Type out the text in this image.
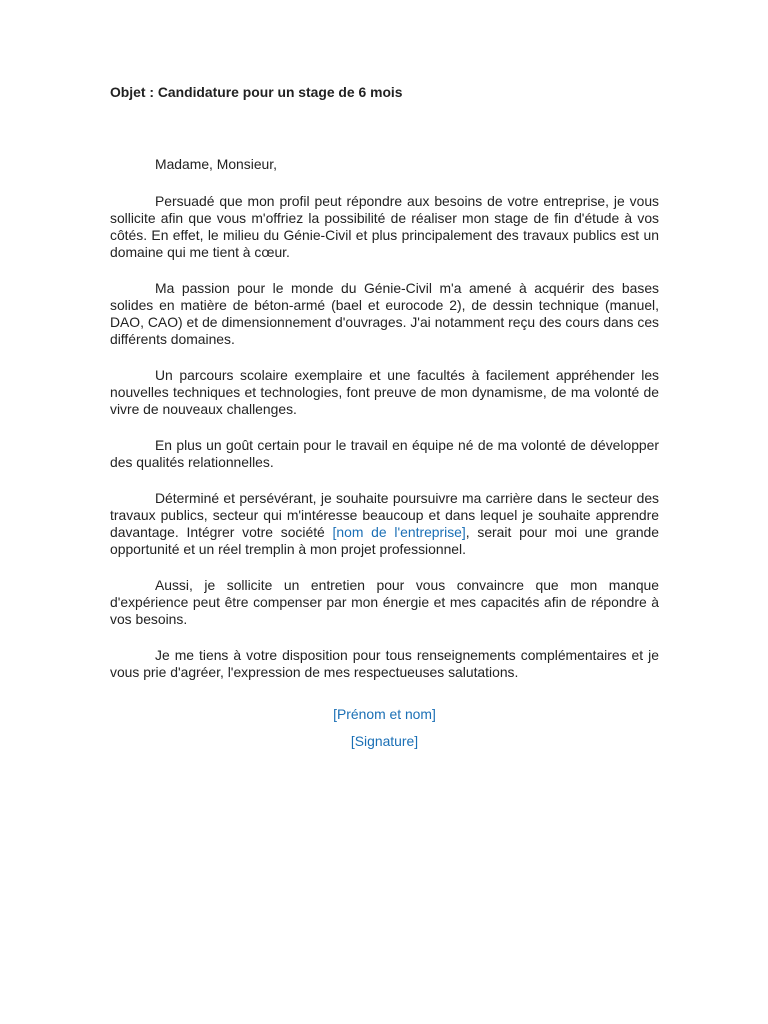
Objet : Candidature pour un stage de 6 mois

Madame, Monsieur,

Persuadé que mon profil peut répondre aux besoins de votre entreprise, je vous sollicite afin que vous m'offriez la possibilité de réaliser mon stage de fin d'étude à vos côtés. En effet, le milieu du Génie-Civil et plus principalement des travaux publics est un domaine qui me tient à cœur.

Ma passion pour le monde du Génie-Civil m'a amené à acquérir des bases solides en matière de béton-armé (bael et eurocode 2), de dessin technique (manuel, DAO, CAO) et de dimensionnement d'ouvrages. J'ai notamment reçu des cours dans ces différents domaines.

Un parcours scolaire exemplaire et une facultés à facilement appréhender les nouvelles techniques et technologies, font preuve de mon dynamisme, de ma volonté de vivre de nouveaux challenges.

En plus un goût certain pour le travail en équipe né de ma volonté de développer des qualités relationnelles.

Déterminé et persévérant, je souhaite poursuivre ma carrière dans le secteur des travaux publics, secteur qui m'intéresse beaucoup et dans lequel je souhaite apprendre davantage. Intégrer votre société [nom de l'entreprise], serait pour moi une grande opportunité et un réel tremplin à mon projet professionnel.

Aussi, je sollicite un entretien pour vous convaincre que mon manque d'expérience peut être compenser par mon énergie et mes capacités afin de répondre à vos besoins.

Je me tiens à votre disposition pour tous renseignements complémentaires et je vous prie d'agréer, l'expression de mes respectueuses salutations.

[Prénom et nom]

[Signature]
